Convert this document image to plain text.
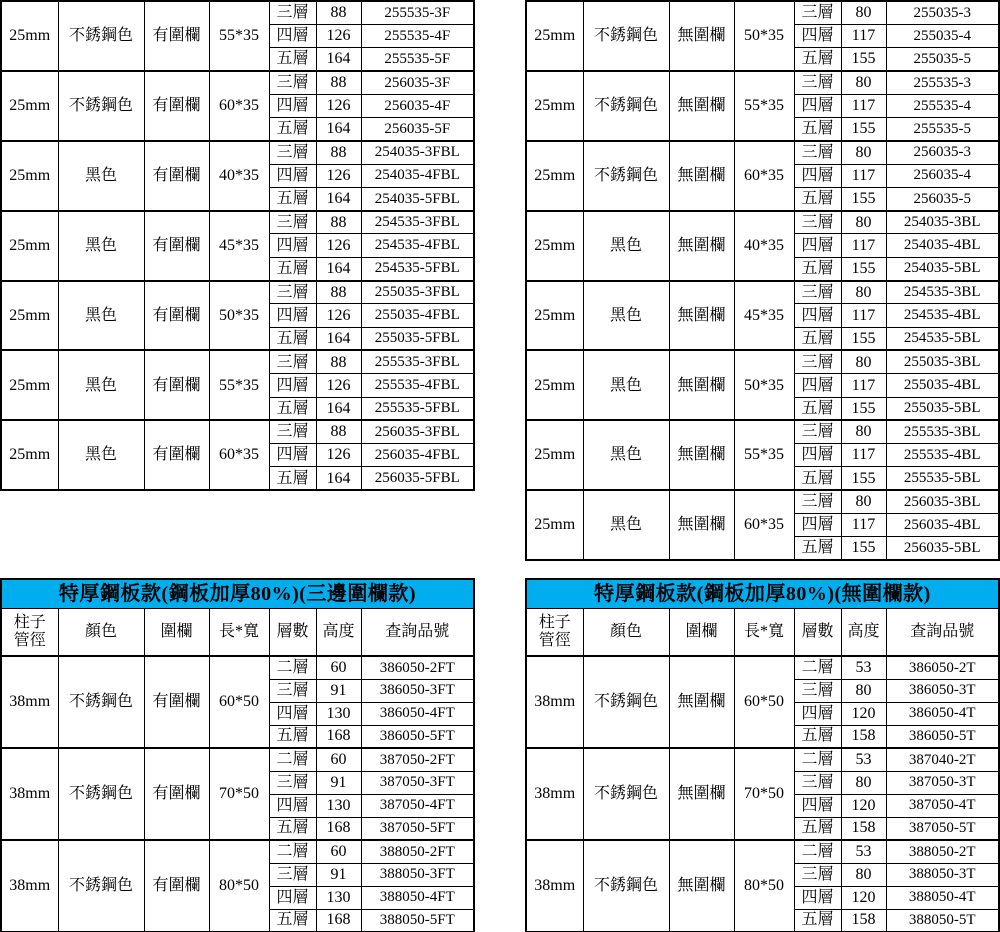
25mm	不銹鋼色	有圍欄	55*35	三層	88	255535-3F
				四層	126	255535-4F
				五層	164	255535-5F
25mm	不銹鋼色	有圍欄	60*35	三層	88	256035-3F
				四層	126	256035-4F
				五層	164	256035-5F
25mm	黑色	有圍欄	40*35	三層	88	254035-3FBL
				四層	126	254035-4FBL
				五層	164	254035-5FBL
25mm	黑色	有圍欄	45*35	三層	88	254535-3FBL
				四層	126	254535-4FBL
				五層	164	254535-5FBL
25mm	黑色	有圍欄	50*35	三層	88	255035-3FBL
				四層	126	255035-4FBL
				五層	164	255035-5FBL
25mm	黑色	有圍欄	55*35	三層	88	255535-3FBL
				四層	126	255535-4FBL
				五層	164	255535-5FBL
25mm	黑色	有圍欄	60*35	三層	88	256035-3FBL
				四層	126	256035-4FBL
				五層	164	256035-5FBL
25mm	不銹鋼色	無圍欄	50*35	三層	80	255035-3
				四層	117	255035-4
				五層	155	255035-5
25mm	不銹鋼色	無圍欄	55*35	三層	80	255535-3
				四層	117	255535-4
				五層	155	255535-5
25mm	不銹鋼色	無圍欄	60*35	三層	80	256035-3
				四層	117	256035-4
				五層	155	256035-5
25mm	黑色	無圍欄	40*35	三層	80	254035-3BL
				四層	117	254035-4BL
				五層	155	254035-5BL
25mm	黑色	無圍欄	45*35	三層	80	254535-3BL
				四層	117	254535-4BL
				五層	155	254535-5BL
25mm	黑色	無圍欄	50*35	三層	80	255035-3BL
				四層	117	255035-4BL
				五層	155	255035-5BL
25mm	黑色	無圍欄	55*35	三層	80	255535-3BL
				四層	117	255535-4BL
				五層	155	255535-5BL
25mm	黑色	無圍欄	60*35	三層	80	256035-3BL
				四層	117	256035-4BL
				五層	155	256035-5BL
特厚鋼板款(鋼板加厚80%)(三邊圍欄款)						

柱子
管徑	顏色	圍欄	長*寬	層數	高度	查詢品號
38mm	不銹鋼色	有圍欄	60*50	二層	60	386050-2FT
				三層	91	386050-3FT
				四層	130	386050-4FT
				五層	168	386050-5FT
38mm	不銹鋼色	有圍欄	70*50	二層	60	387050-2FT
				三層	91	387050-3FT
				四層	130	387050-4FT
				五層	168	387050-5FT
38mm	不銹鋼色	有圍欄	80*50	二層	60	388050-2FT
				三層	91	388050-3FT
				四層	130	388050-4FT
				五層	168	388050-5FT
特厚鋼板款(鋼板加厚80%)(無圍欄款)						

柱子
管徑	顏色	圍欄	長*寬	層數	高度	查詢品號
38mm	不銹鋼色	無圍欄	60*50	二層	53	386050-2T
				三層	80	386050-3T
				四層	120	386050-4T
				五層	158	386050-5T
38mm	不銹鋼色	無圍欄	70*50	二層	53	387040-2T
				三層	80	387050-3T
				四層	120	387050-4T
				五層	158	387050-5T
38mm	不銹鋼色	無圍欄	80*50	二層	53	388050-2T
				三層	80	388050-3T
				四層	120	388050-4T
				五層	158	388050-5T
